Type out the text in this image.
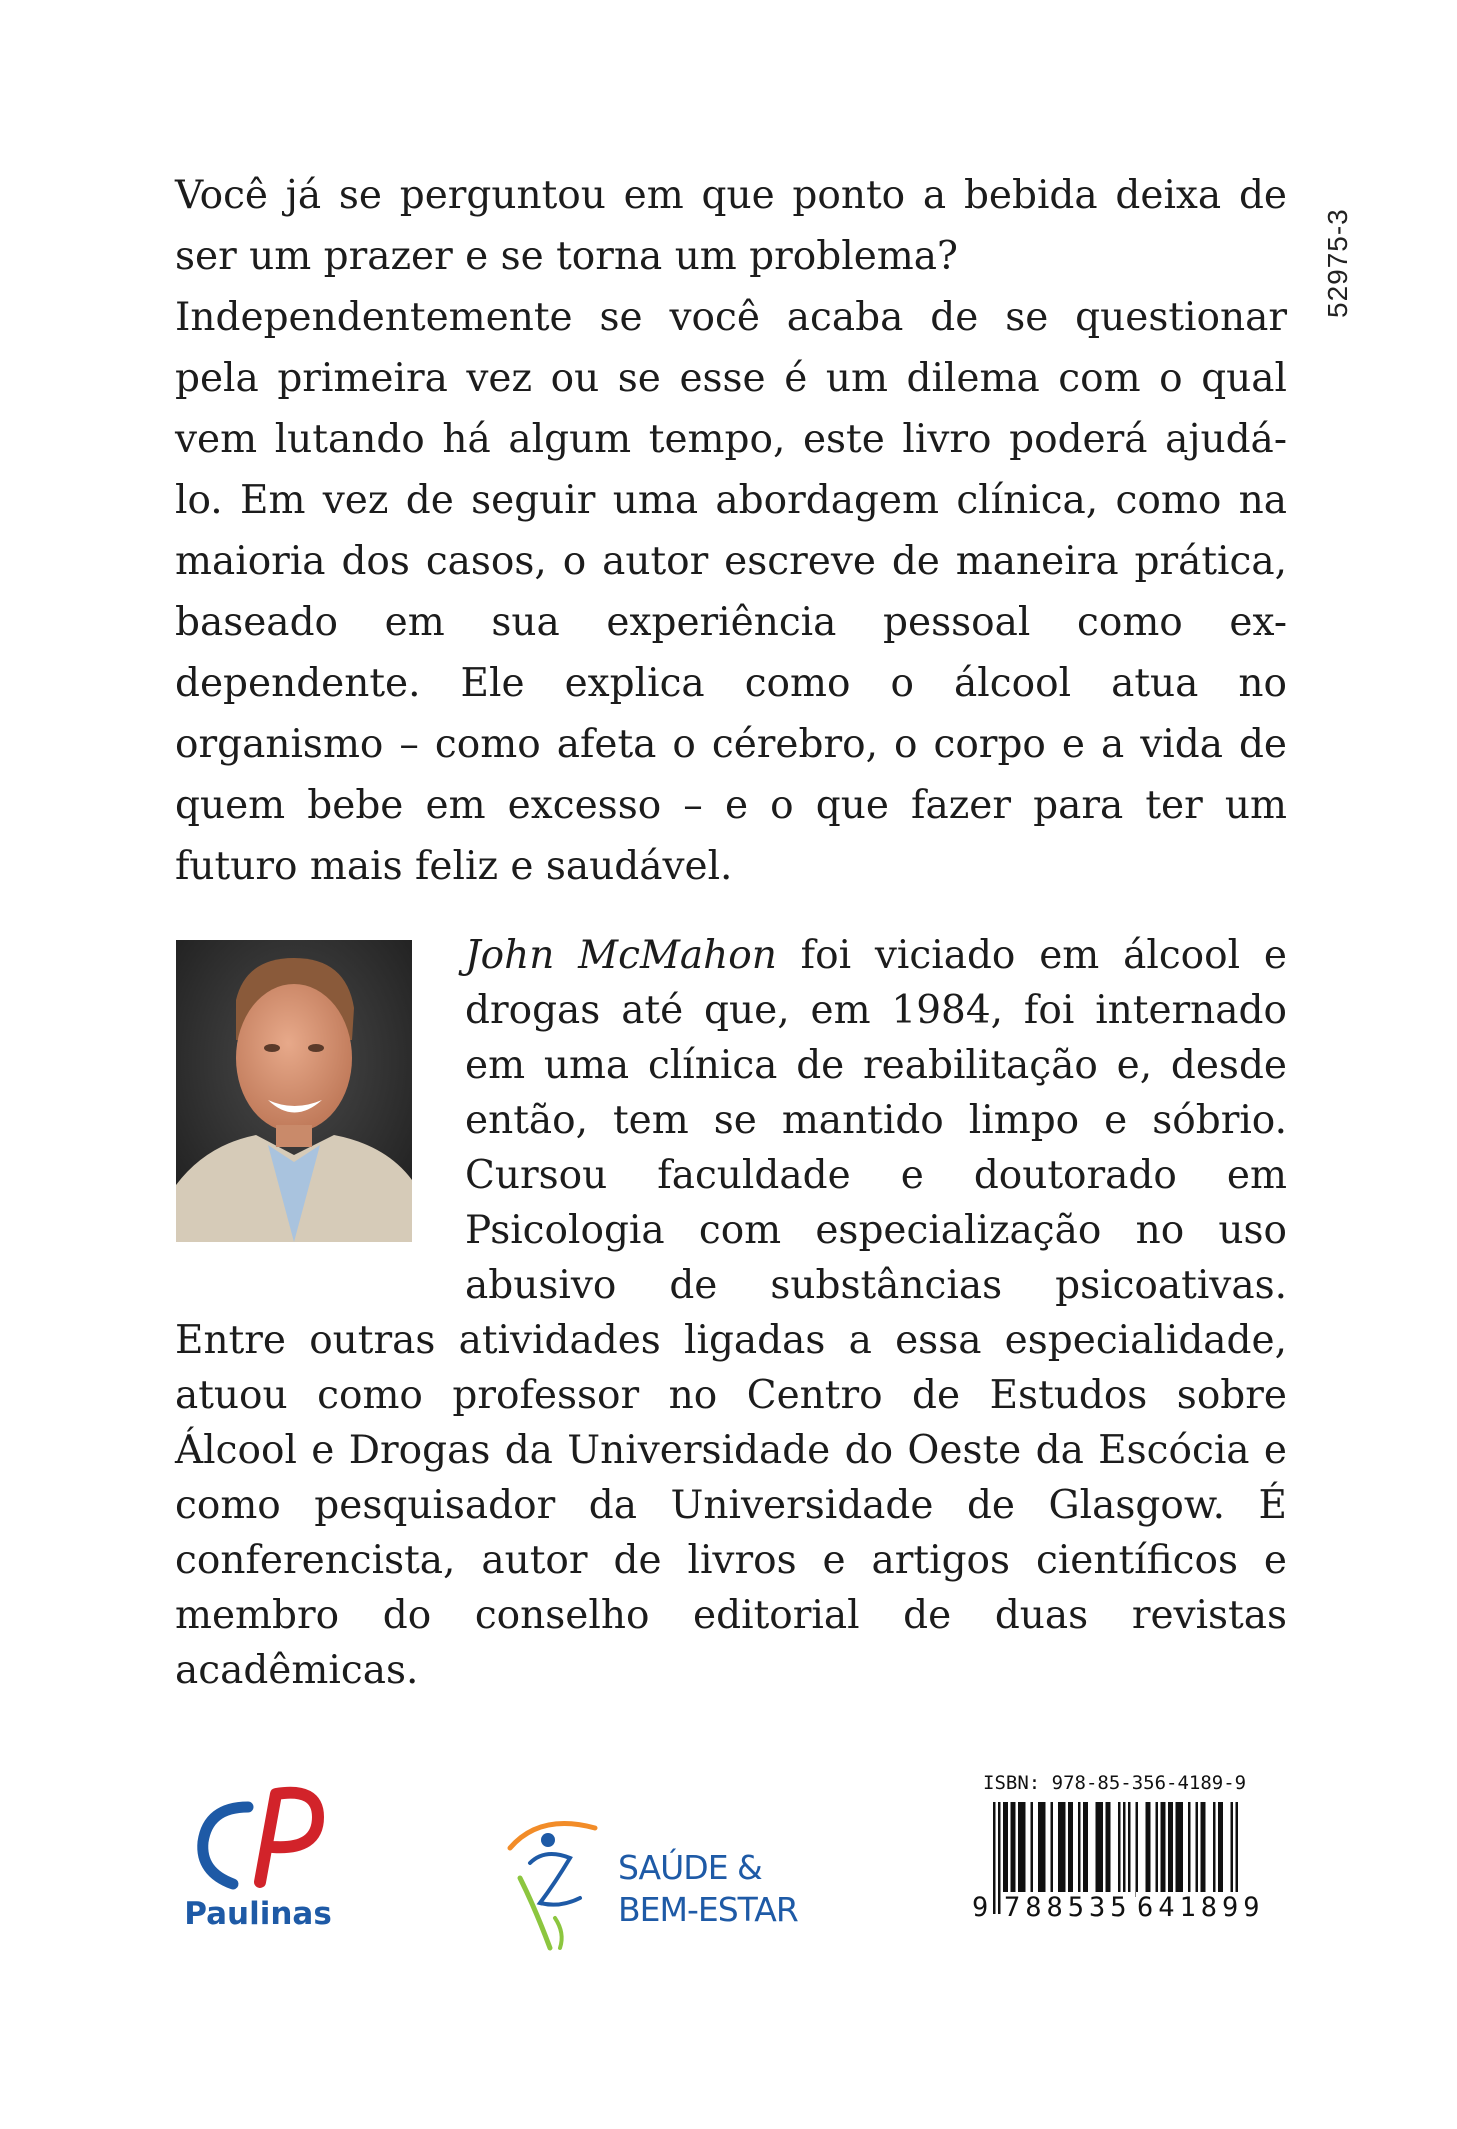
Você já se perguntou em que ponto a bebida deixa de ser um prazer e se torna um problema?

Independentemente se você acaba de se questionar pela primeira vez ou se esse é um dilema com o qual vem lutando há algum tempo, este livro poderá ajudá-lo. Em vez de seguir uma abordagem clínica, como na maioria dos casos, o autor escreve de maneira prática, baseado em sua experiência pessoal como ex-dependente. Ele explica como o álcool atua no organismo – como afeta o cérebro, o corpo e a vida de quem bebe em excesso – e o que fazer para ter um futuro mais feliz e saudável.

52975-3
John McMahon foi viciado em álcool e drogas até que, em 1984, foi internado em uma clínica de reabilitação e, desde então, tem se mantido limpo e sóbrio. Cursou faculdade e doutorado em Psicologia com especialização no uso abusivo de substâncias psicoativas. Entre outras atividades ligadas a essa especialidade, atuou como professor no Centro de Estudos sobre Álcool e Drogas da Universidade do Oeste da Escócia e como pesquisador da Universidade de Glasgow. É conferencista, autor de livros e artigos científicos e membro do conselho editorial de duas revistas acadêmicas.
Paulinas
SAÚDE &
BEM-ESTAR
ISBN: 978-85-356-4189-9
9 788535 641899
